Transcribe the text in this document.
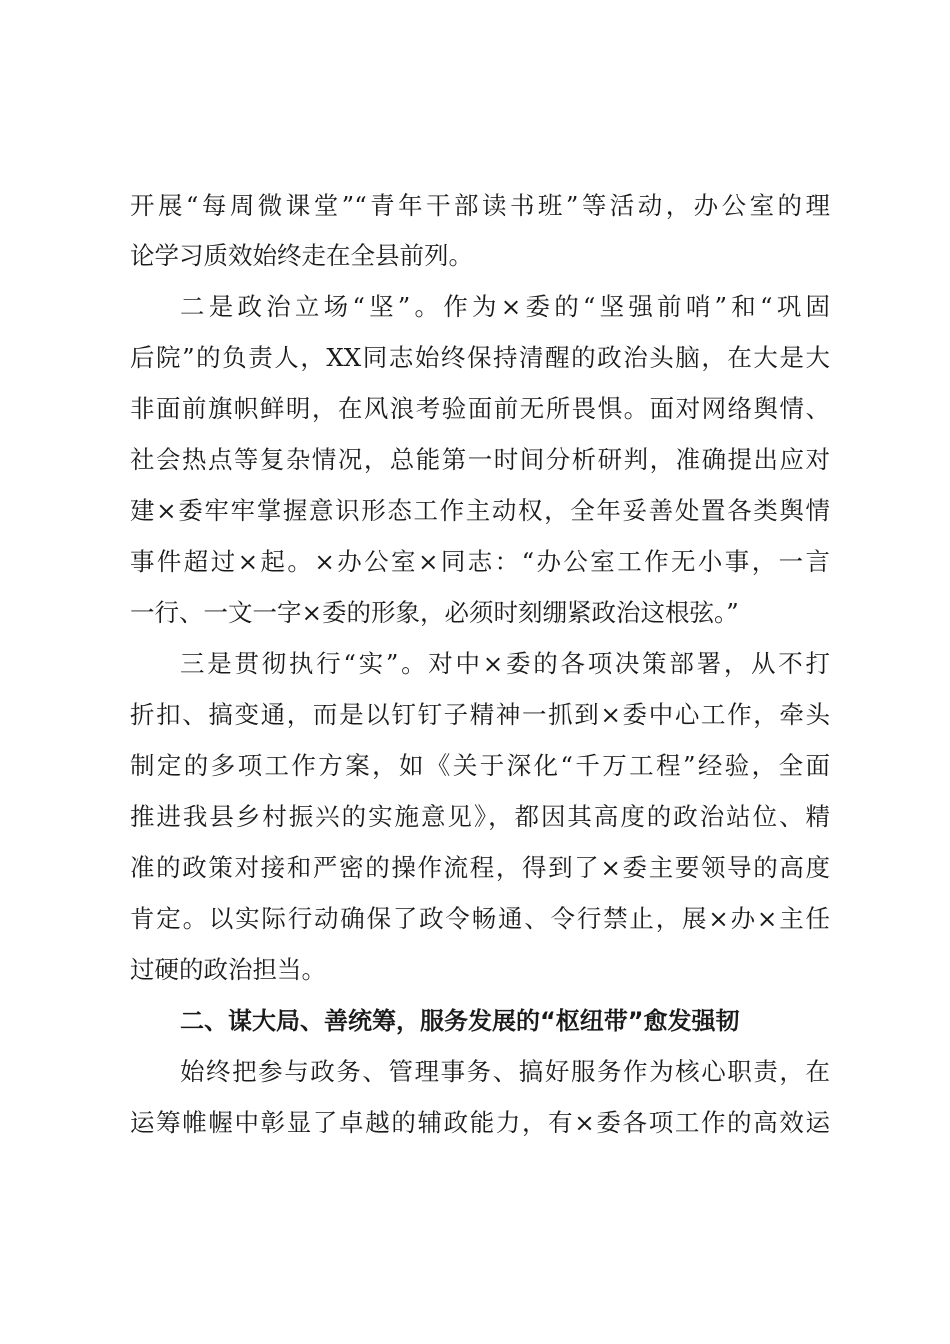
开展“每周微课堂”“青年干部读书班”等活动，办公室的理
论学习质效始终走在全县前列。
二是政治立场“坚”。作为×委的“坚强前哨”和“巩固
后院”的负责人，XX同志始终保持清醒的政治头脑，在大是大
非面前旗帜鲜明，在风浪考验面前无所畏惧。面对网络舆情、
社会热点等复杂情况，总能第一时间分析研判，准确提出应对
建×委牢牢掌握意识形态工作主动权，全年妥善处置各类舆情
事件超过×起。×办公室×同志：“办公室工作无小事，一言
一行、一文一字×委的形象，必须时刻绷紧政治这根弦。”
三是贯彻执行“实”。对中×委的各项决策部署，从不打
折扣、搞变通，而是以钉钉子精神一抓到×委中心工作，牵头
制定的多项工作方案，如《关于深化“千万工程”经验，全面
推进我县乡村振兴的实施意见》，都因其高度的政治站位、精
准的政策对接和严密的操作流程，得到了×委主要领导的高度
肯定。以实际行动确保了政令畅通、令行禁止，展×办×主任
过硬的政治担当。
二、谋大局、善统筹，服务发展的“枢纽带”愈发强韧
始终把参与政务、管理事务、搞好服务作为核心职责，在
运筹帷幄中彰显了卓越的辅政能力，有×委各项工作的高效运
